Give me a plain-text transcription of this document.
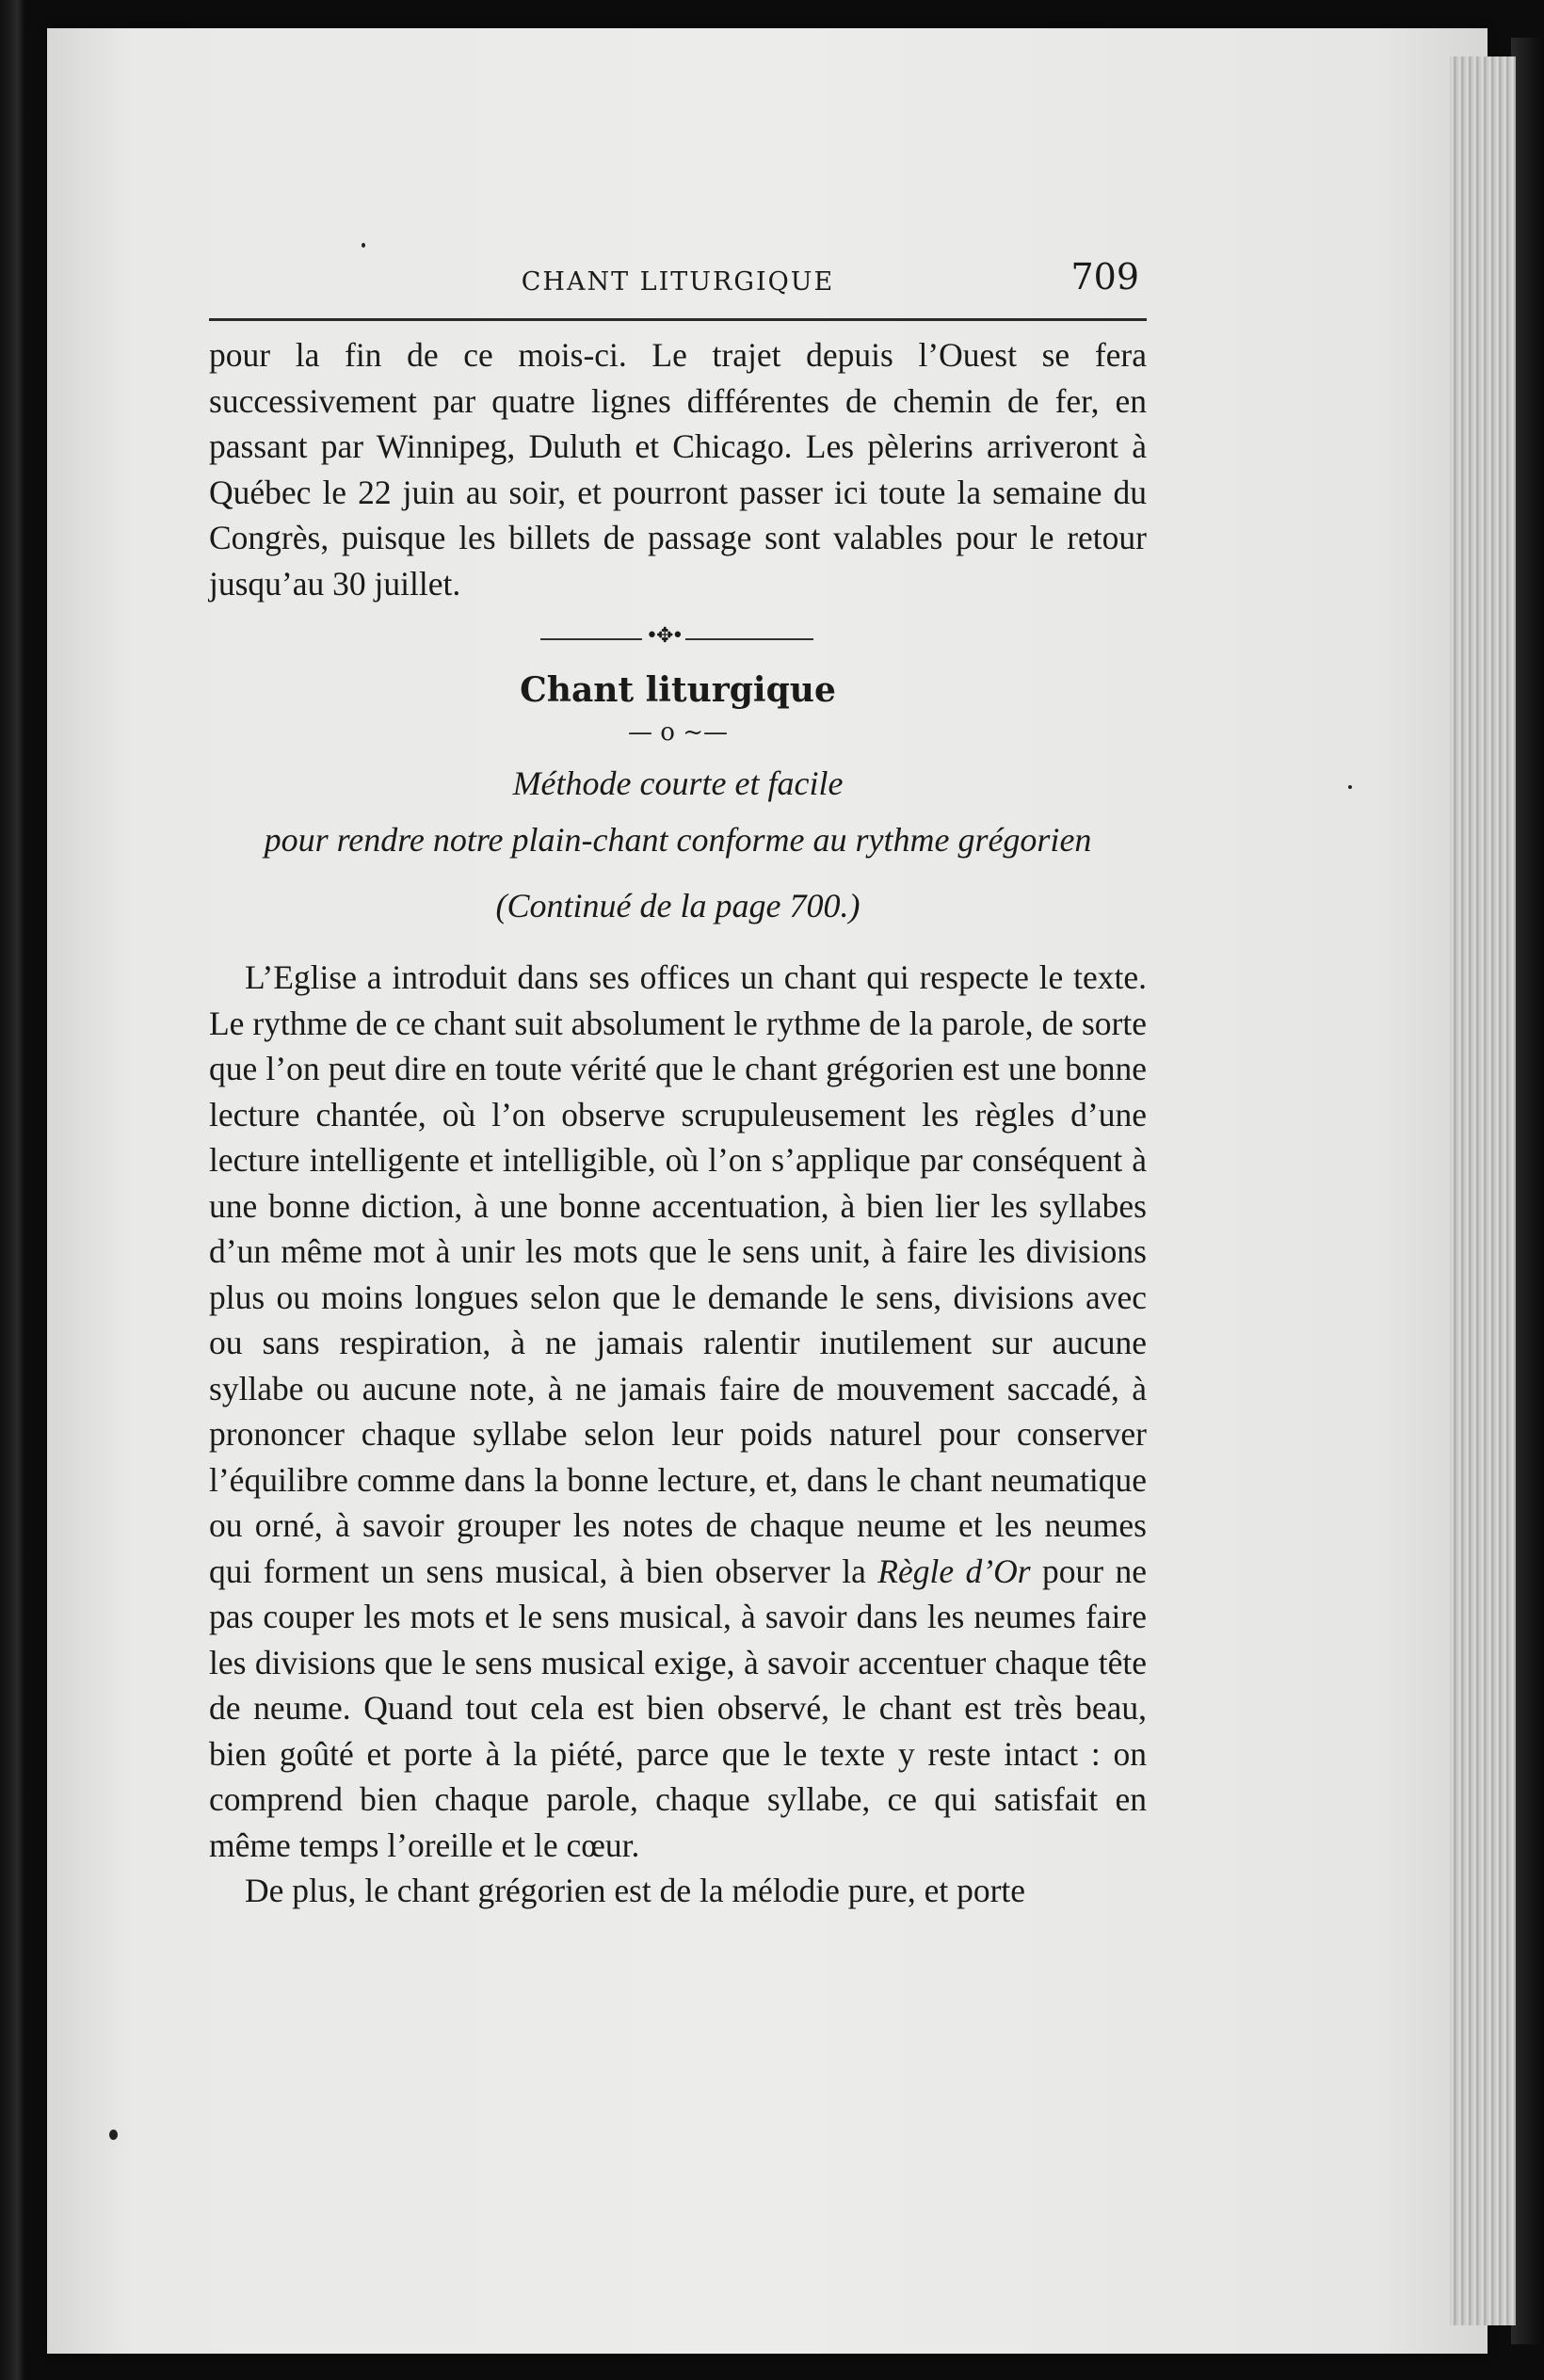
CHANT LITURGIQUE	709

pour la fin de ce mois-ci. Le trajet depuis l’Ouest se fera successivement par quatre lignes différentes de chemin de fer, en passant par Winnipeg, Duluth et Chicago. Les pèlerins arriveront à Québec le 22 juin au soir, et pourront passer ici toute la semaine du Congrès, puisque les billets de passage sont valables pour le retour jusqu’au 30 juillet.

•✥•
Chant liturgique
— o ~—
Méthode courte et facile
pour rendre notre plain-chant conforme au rythme grégorien
(Continué de la page 700.)

L’Eglise a introduit dans ses offices un chant qui respecte le texte. Le rythme de ce chant suit absolument le rythme de la parole, de sorte que l’on peut dire en toute vérité que le chant grégorien est une bonne lecture chantée, où l’on observe scrupuleusement les règles d’une lecture intelligente et intelligible, où l’on s’applique par conséquent à une bonne diction, à une bonne accentuation, à bien lier les syllabes d’un même mot à unir les mots que le sens unit, à faire les divisions plus ou moins longues selon que le demande le sens, divisions avec ou sans respiration, à ne jamais ralentir inutilement sur aucune syllabe ou aucune note, à ne jamais faire de mouvement saccadé, à prononcer chaque syllabe selon leur poids naturel pour conserver l’équilibre comme dans la bonne lecture, et, dans le chant neumatique ou orné, à savoir grouper les notes de chaque neume et les neumes qui forment un sens musical, à bien observer la Règle d’Or pour ne pas couper les mots et le sens musical, à savoir dans les neumes faire les divisions que le sens musical exige, à savoir accentuer chaque tête de neume. Quand tout cela est bien observé, le chant est très beau, bien goûté et porte à la piété, parce que le texte y reste intact : on comprend bien chaque parole, chaque syllabe, ce qui satisfait en même temps l’oreille et le cœur.

De plus, le chant grégorien est de la mélodie pure, et porte
